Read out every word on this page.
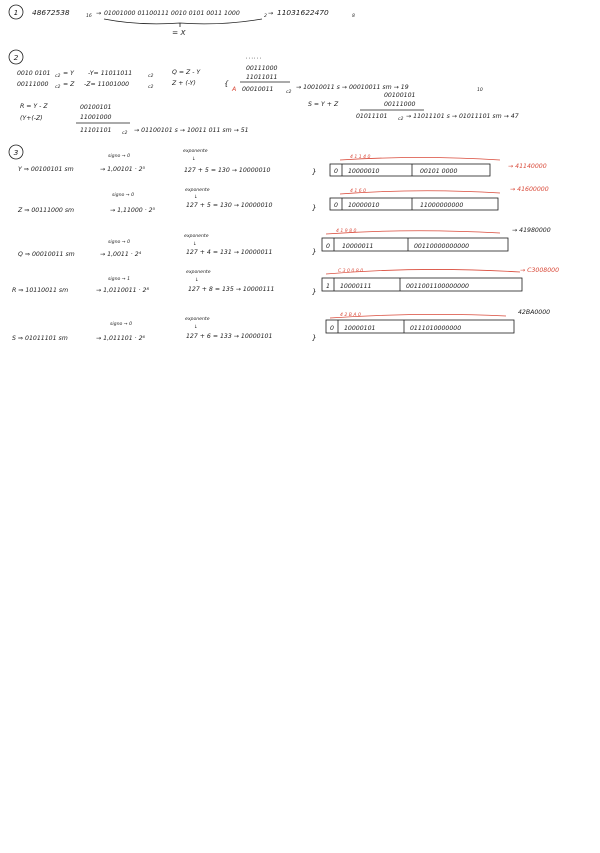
1 48672538	16 → 01001000 01100111 0010 0101 0011 1000	2 → 11031622470	8
= X
2
0010 0101 c2 = Y -Y= 11011011	c2
00111000 c2 = Z -Z= 11001000	c2
Q = Z - Y
Z + (-Y)	{
' ' ' ' ' '
00111000
11011011
A 00010011	c2
→ 10010011 s → 00010011 sm → 19	10
R = Y - Z
(Y+(-Z)
00100101
11001000
11101101 c2 → 01100101 s → 10011 011 sm → 51
S = Y + Z
00100101
00111000
01011101 c2 → 11011101 s → 01011101 sm → 47
3	signo → 0
exponente
↓
Y ⇒ 00100101 sm	→ 1,00101 · 2⁵	127 + 5 = 130 → 10000010	}
4 1 1 4 0
0 10000010	00101 0000
→ 41140000
signo → 0
exponente
↓
Z ⇒ 00111000 sm	→ 1,11000 · 2⁵
127 + 5 = 130 → 10000010	}
4 1 6 0
0 10000010	11000000000
→ 41600000
signo → 0
exponente
↓
Q ⇒ 00010011 sm	→ 1,0011 · 2⁴	127 + 4 = 131 → 10000011	}
4 1 9 8 0
0 10000011	00110000000000
→ 41980000
signo → 1
exponente
↓
R ⇒ 10110011 sm	→ 1,0110011 · 2⁸	127 + 8 = 135 → 10000111	}
C 3 0 0 8 0
1 10000111	0011001100000000
→ C3008000
signo → 0
exponente
↓
S ⇒ 01011101 sm	→ 1,011101 · 2⁶	127 + 6 = 133 → 10000101	}
4 2 B A 0
0 10000101	0111010000000
42BA0000
